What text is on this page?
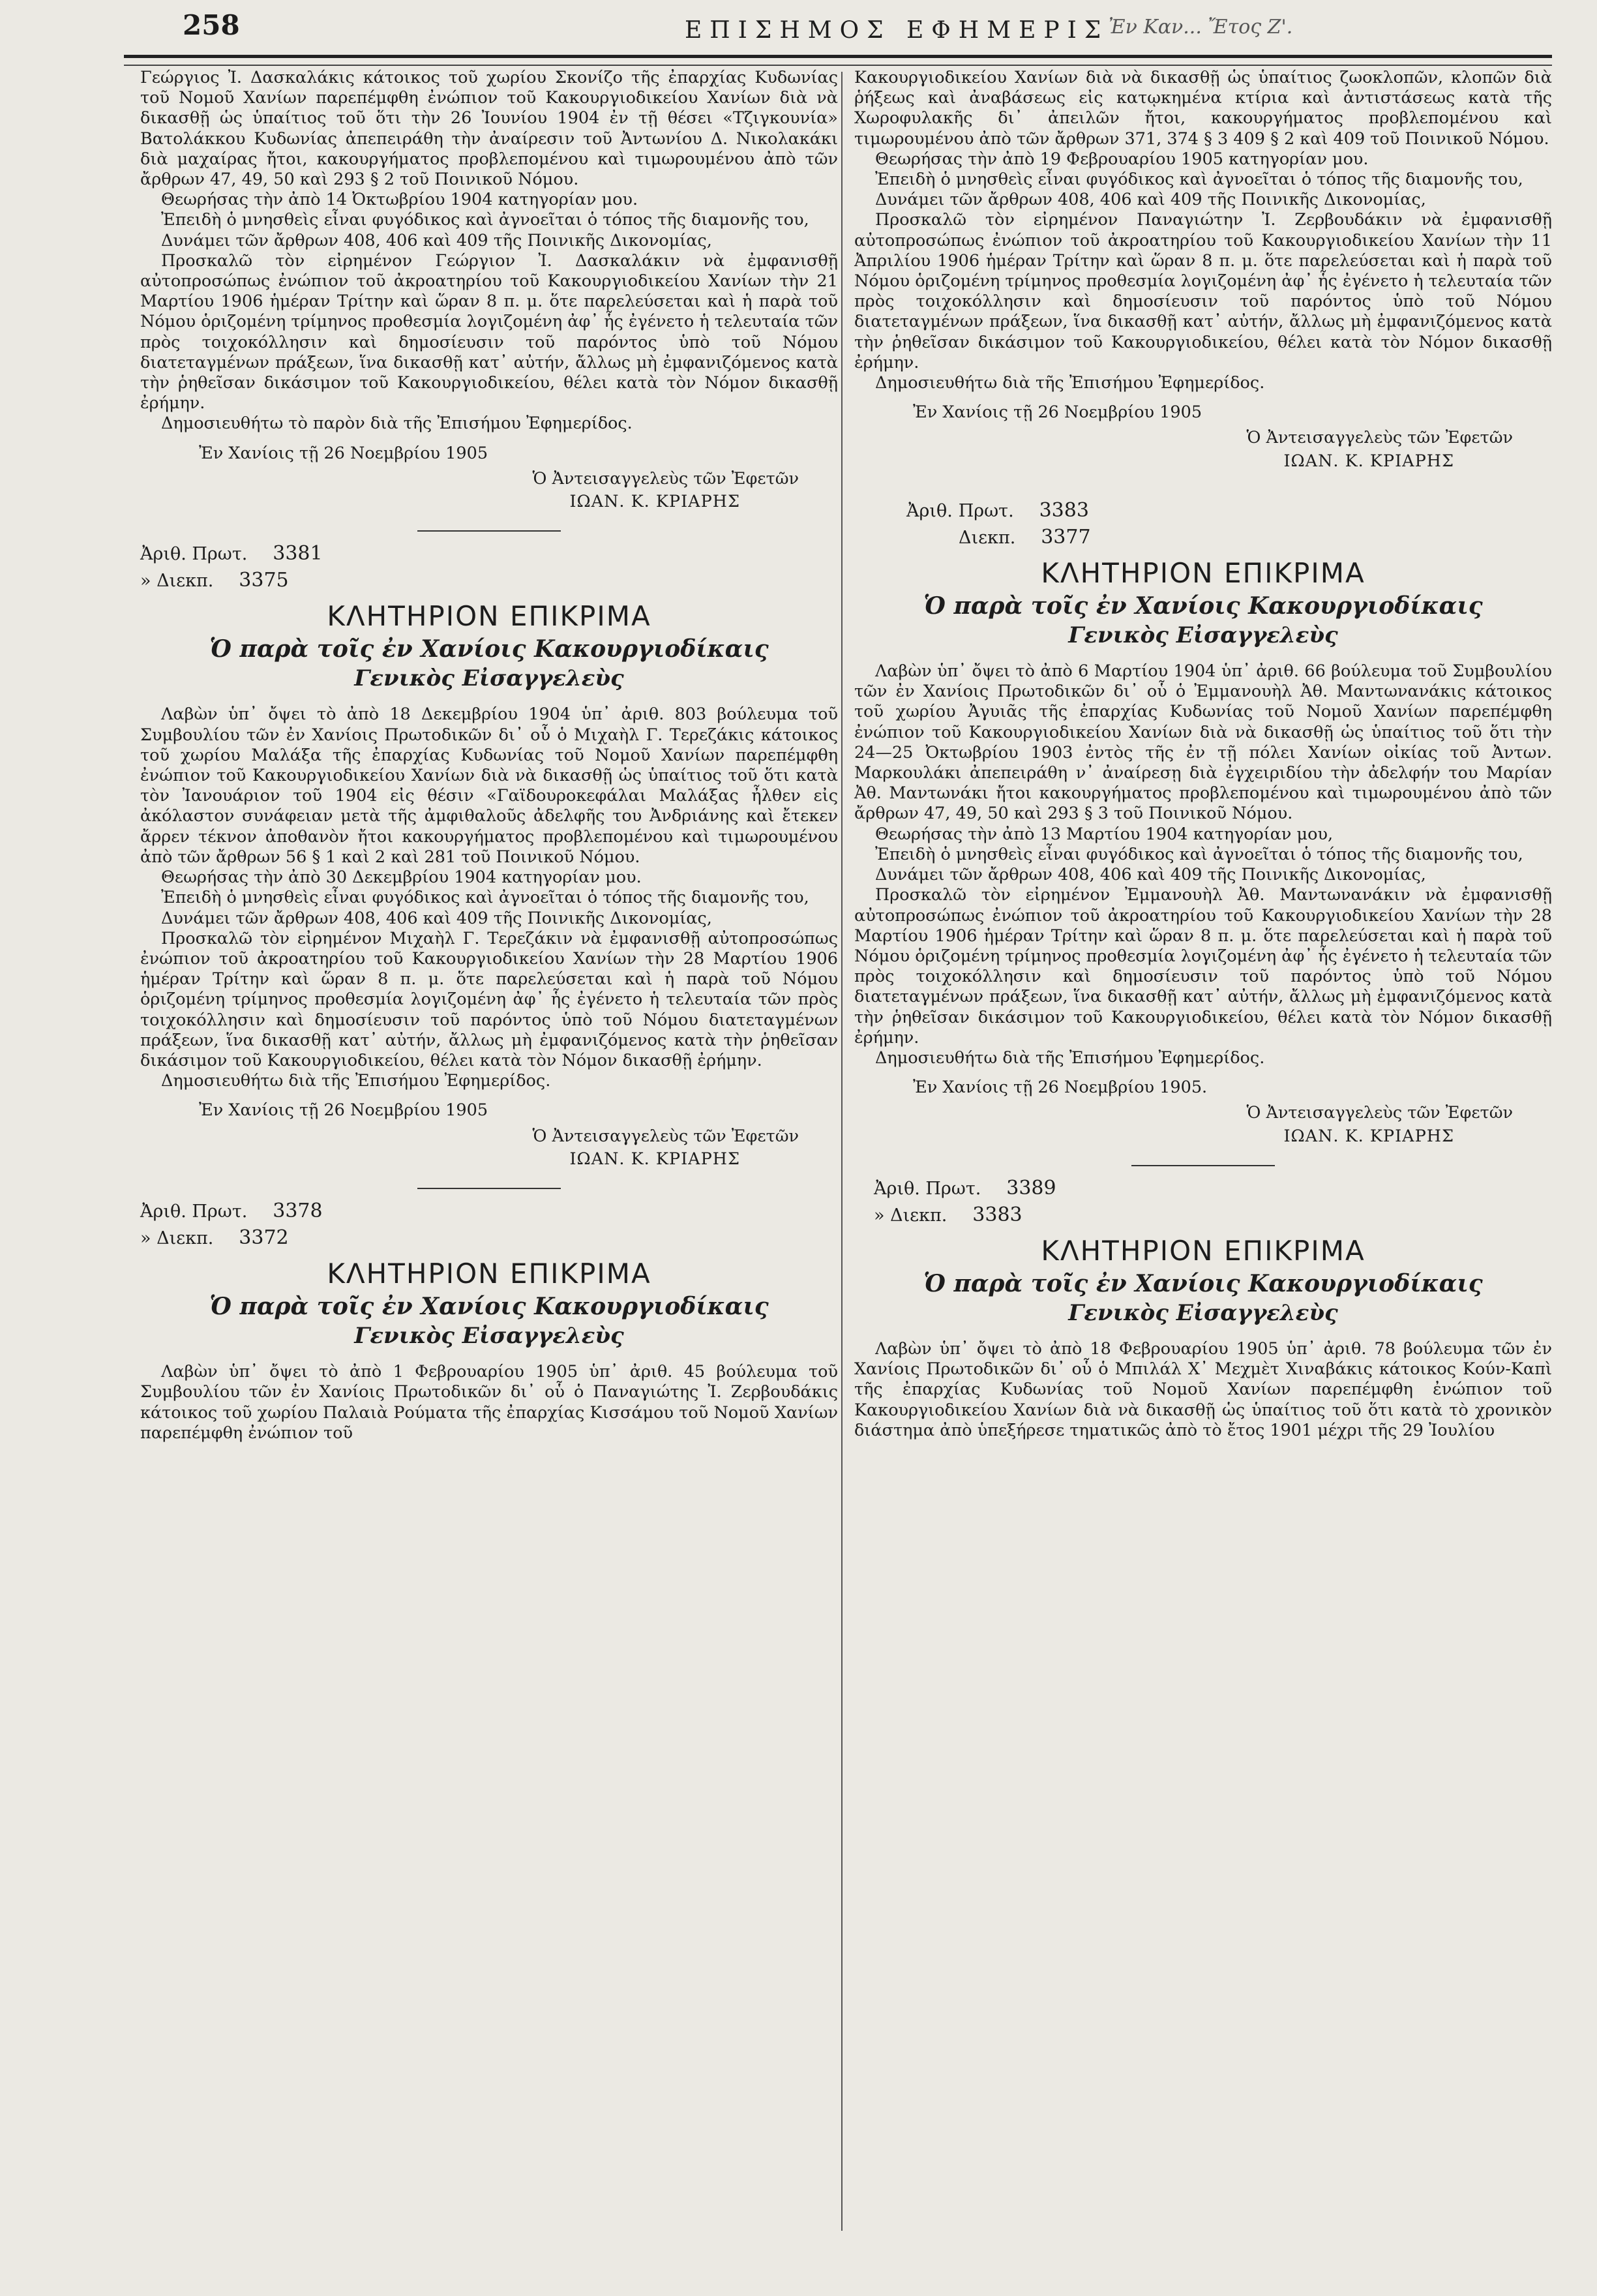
258	ΕΠΙΣΗΜΟΣ ΕΦΗΜΕΡΙΣ Ἐν Καν... Ἔτος Ζ'.

Γεώργιος Ἰ. Δασκαλάκις κάτοικος τοῦ χωρίου Σκονίζο τῆς ἐπαρχίας Κυδωνίας τοῦ Νομοῦ Χανίων παρεπέμφθη ἐνώπιον τοῦ Κακουργιοδικείου Χανίων διὰ νὰ δικασθῇ ὡς ὑπαίτιος τοῦ ὅτι τὴν 26 Ἰουνίου 1904 ἐν τῇ θέσει «Τζιγκουνία» Βατολάκκου Κυδωνίας ἀπεπειράθη τὴν ἀναίρεσιν τοῦ Ἀντωνίου Δ. Νικολακάκι διὰ μαχαίρας ἤτοι, κακουργήματος προβλεπομένου καὶ τιμωρουμένου ἀπὸ τῶν ἄρθρων 47, 49, 50 καὶ 293 § 2 τοῦ Ποινικοῦ Νόμου.

Θεωρήσας τὴν ἀπὸ 14 Ὀκτωβρίου 1904 κατηγορίαν μου.

Ἐπειδὴ ὁ μνησθεὶς εἶναι φυγόδικος καὶ ἀγνοεῖται ὁ τόπος τῆς διαμονῆς του,

Δυνάμει τῶν ἄρθρων 408, 406 καὶ 409 τῆς Ποινικῆς Δικονομίας,

Προσκαλῶ τὸν εἰρημένον Γεώργιον Ἰ. Δασκαλάκιν νὰ ἐμφανισθῇ αὐτοπροσώπως ἐνώπιον τοῦ ἀκροατηρίου τοῦ Κακουργιοδικείου Χανίων τὴν 21 Μαρτίου 1906 ἡμέραν Τρίτην καὶ ὥραν 8 π. μ. ὅτε παρελεύσεται καὶ ἡ παρὰ τοῦ Νόμου ὁριζομένη τρίμηνος προθεσμία λογιζομένη ἀφ᾽ ἧς ἐγένετο ἡ τελευταία τῶν πρὸς τοιχοκόλλησιν καὶ δημοσίευσιν τοῦ παρόντος ὑπὸ τοῦ Νόμου διατεταγμένων πράξεων, ἵνα δικασθῇ κατ᾽ αὐτήν, ἄλλως μὴ ἐμφανιζόμενος κατὰ τὴν ῥηθεῖσαν δικάσιμον τοῦ Κακουργιοδικείου, θέλει κατὰ τὸν Νόμον δικασθῇ ἐρήμην.

Δημοσιευθήτω τὸ παρὸν διὰ τῆς Ἐπισήμου Ἐφημερίδος.

Ἐν Χανίοις τῇ 26 Νοεμβρίου 1905

Ὁ Ἀντεισαγγελεὺς τῶν Ἐφετῶν

ΙΩΑΝ. Κ. ΚΡΙΑΡΗΣ

Ἀριθ. Πρωτ. 3381

» Διεκπ. 3375

ΚΛΗΤΗΡΙΟΝ ΕΠΙΚΡΙΜΑ

Ὁ παρὰ τοῖς ἐν Χανίοις Κακουργιοδίκαις

Γενικὸς Εἰσαγγελεὺς

Λαβὼν ὑπ᾽ ὄψει τὸ ἀπὸ 18 Δεκεμβρίου 1904 ὑπ᾽ ἀριθ. 803 βούλευμα τοῦ Συμβουλίου τῶν ἐν Χανίοις Πρωτοδικῶν δι᾽ οὗ ὁ Μιχαὴλ Γ. Τερεζάκις κάτοικος τοῦ χωρίου Μαλάξα τῆς ἐπαρχίας Κυδωνίας τοῦ Νομοῦ Χανίων παρεπέμφθη ἐνώπιον τοῦ Κακουργιοδικείου Χανίων διὰ νὰ δικασθῇ ὡς ὑπαίτιος τοῦ ὅτι κατὰ τὸν Ἰανουάριον τοῦ 1904 εἰς θέσιν «Γαϊδουροκεφάλαι Μαλάξας ἦλθεν εἰς ἀκόλαστον συνάφειαν μετὰ τῆς ἀμφιθαλοῦς ἀδελφῆς του Ἀνδριάνης καὶ ἔτεκεν ἄρρεν τέκνον ἀποθανὸν ἤτοι κακουργήματος προβλεπομένου καὶ τιμωρουμένου ἀπὸ τῶν ἄρθρων 56 § 1 καὶ 2 καὶ 281 τοῦ Ποινικοῦ Νόμου.

Θεωρήσας τὴν ἀπὸ 30 Δεκεμβρίου 1904 κατηγορίαν μου.

Ἐπειδὴ ὁ μνησθεὶς εἶναι φυγόδικος καὶ ἀγνοεῖται ὁ τόπος τῆς διαμονῆς του,

Δυνάμει τῶν ἄρθρων 408, 406 καὶ 409 τῆς Ποινικῆς Δικονομίας,

Προσκαλῶ τὸν εἰρημένον Μιχαὴλ Γ. Τερεζάκιν νὰ ἐμφανισθῇ αὐτοπροσώπως ἐνώπιον τοῦ ἀκροατηρίου τοῦ Κακουργιοδικείου Χανίων τὴν 28 Μαρτίου 1906 ἡμέραν Τρίτην καὶ ὥραν 8 π. μ. ὅτε παρελεύσεται καὶ ἡ παρὰ τοῦ Νόμου ὁριζομένη τρίμηνος προθεσμία λογιζομένη ἀφ᾽ ἧς ἐγένετο ἡ τελευταία τῶν πρὸς τοιχοκόλλησιν καὶ δημοσίευσιν τοῦ παρόντος ὑπὸ τοῦ Νόμου διατεταγμένων πράξεων, ἵνα δικασθῇ κατ᾽ αὐτήν, ἄλλως μὴ ἐμφανιζόμενος κατὰ τὴν ῥηθεῖσαν δικάσιμον τοῦ Κακουργιοδικείου, θέλει κατὰ τὸν Νόμον δικασθῇ ἐρήμην.

Δημοσιευθήτω διὰ τῆς Ἐπισήμου Ἐφημερίδος.

Ἐν Χανίοις τῇ 26 Νοεμβρίου 1905

Ὁ Ἀντεισαγγελεὺς τῶν Ἐφετῶν

ΙΩΑΝ. Κ. ΚΡΙΑΡΗΣ

Ἀριθ. Πρωτ. 3378

» Διεκπ. 3372

ΚΛΗΤΗΡΙΟΝ ΕΠΙΚΡΙΜΑ

Ὁ παρὰ τοῖς ἐν Χανίοις Κακουργιοδίκαις

Γενικὸς Εἰσαγγελεὺς

Λαβὼν ὑπ᾽ ὄψει τὸ ἀπὸ 1 Φεβρουαρίου 1905 ὑπ᾽ ἀριθ. 45 βούλευμα τοῦ Συμβουλίου τῶν ἐν Χανίοις Πρωτοδικῶν δι᾽ οὗ ὁ Παναγιώτης Ἰ. Ζερβουδάκις κάτοικος τοῦ χωρίου Παλαιὰ Ρούματα τῆς ἐπαρχίας Κισσάμου τοῦ Νομοῦ Χανίων παρεπέμφθη ἐνώπιον τοῦ

Κακουργιοδικείου Χανίων διὰ νὰ δικασθῇ ὡς ὑπαίτιος ζωοκλοπῶν, κλοπῶν διὰ ῥήξεως καὶ ἀναβάσεως εἰς κατῳκημένα κτίρια καὶ ἀντιστάσεως κατὰ τῆς Χωροφυλακῆς δι᾽ ἀπειλῶν ἤτοι, κακουργήματος προβλεπομένου καὶ τιμωρουμένου ἀπὸ τῶν ἄρθρων 371, 374 § 3 409 § 2 καὶ 409 τοῦ Ποινικοῦ Νόμου.

Θεωρήσας τὴν ἀπὸ 19 Φεβρουαρίου 1905 κατηγορίαν μου.

Ἐπειδὴ ὁ μνησθεὶς εἶναι φυγόδικος καὶ ἀγνοεῖται ὁ τόπος τῆς διαμονῆς του,

Δυνάμει τῶν ἄρθρων 408, 406 καὶ 409 τῆς Ποινικῆς Δικονομίας,

Προσκαλῶ τὸν εἰρημένον Παναγιώτην Ἰ. Ζερβουδάκιν νὰ ἐμφανισθῇ αὐτοπροσώπως ἐνώπιον τοῦ ἀκροατηρίου τοῦ Κακουργιοδικείου Χανίων τὴν 11 Ἀπριλίου 1906 ἡμέραν Τρίτην καὶ ὥραν 8 π. μ. ὅτε παρελεύσεται καὶ ἡ παρὰ τοῦ Νόμου ὁριζομένη τρίμηνος προθεσμία λογιζομένη ἀφ᾽ ἧς ἐγένετο ἡ τελευταία τῶν πρὸς τοιχοκόλλησιν καὶ δημοσίευσιν τοῦ παρόντος ὑπὸ τοῦ Νόμου διατεταγμένων πράξεων, ἵνα δικασθῇ κατ᾽ αὐτήν, ἄλλως μὴ ἐμφανιζόμενος κατὰ τὴν ῥηθεῖσαν δικάσιμον τοῦ Κακουργιοδικείου, θέλει κατὰ τὸν Νόμον δικασθῇ ἐρήμην.

Δημοσιευθήτω διὰ τῆς Ἐπισήμου Ἐφημερίδος.

Ἐν Χανίοις τῇ 26 Νοεμβρίου 1905

Ὁ Ἀντεισαγγελεὺς τῶν Ἐφετῶν

ΙΩΑΝ. Κ. ΚΡΙΑΡΗΣ

Ἀριθ. Πρωτ. 3383

Διεκπ. 3377

ΚΛΗΤΗΡΙΟΝ ΕΠΙΚΡΙΜΑ

Ὁ παρὰ τοῖς ἐν Χανίοις Κακουργιοδίκαις

Γενικὸς Εἰσαγγελεὺς

Λαβὼν ὑπ᾽ ὄψει τὸ ἀπὸ 6 Μαρτίου 1904 ὑπ᾽ ἀριθ. 66 βούλευμα τοῦ Συμβουλίου τῶν ἐν Χανίοις Πρωτοδικῶν δι᾽ οὗ ὁ Ἐμμανουὴλ Ἀθ. Μαντωνανάκις κάτοικος τοῦ χωρίου Ἀγυιᾶς τῆς ἐπαρχίας Κυδωνίας τοῦ Νομοῦ Χανίων παρεπέμφθη ἐνώπιον τοῦ Κακουργιοδικείου Χανίων διὰ νὰ δικασθῇ ὡς ὑπαίτιος τοῦ ὅτι τὴν 24—25 Ὀκτωβρίου 1903 ἐντὸς τῆς ἐν τῇ πόλει Χανίων οἰκίας τοῦ Ἀντων. Μαρκουλάκι ἀπεπειράθη ν᾽ ἀναίρεσῃ διὰ ἐγχειριδίου τὴν ἀδελφήν του Μαρίαν Ἀθ. Μαντωνάκι ἤτοι κακουργήματος προβλεπομένου καὶ τιμωρουμένου ἀπὸ τῶν ἄρθρων 47, 49, 50 καὶ 293 § 3 τοῦ Ποινικοῦ Νόμου.

Θεωρήσας τὴν ἀπὸ 13 Μαρτίου 1904 κατηγορίαν μου,

Ἐπειδὴ ὁ μνησθεὶς εἶναι φυγόδικος καὶ ἀγνοεῖται ὁ τόπος τῆς διαμονῆς του,

Δυνάμει τῶν ἄρθρων 408, 406 καὶ 409 τῆς Ποινικῆς Δικονομίας,

Προσκαλῶ τὸν εἰρημένον Ἐμμανουὴλ Ἀθ. Μαντωνανάκιν νὰ ἐμφανισθῇ αὐτοπροσώπως ἐνώπιον τοῦ ἀκροατηρίου τοῦ Κακουργιοδικείου Χανίων τὴν 28 Μαρτίου 1906 ἡμέραν Τρίτην καὶ ὥραν 8 π. μ. ὅτε παρελεύσεται καὶ ἡ παρὰ τοῦ Νόμου ὁριζομένη τρίμηνος προθεσμία λογιζομένη ἀφ᾽ ἧς ἐγένετο ἡ τελευταία τῶν πρὸς τοιχοκόλλησιν καὶ δημοσίευσιν τοῦ παρόντος ὑπὸ τοῦ Νόμου διατεταγμένων πράξεων, ἵνα δικασθῇ κατ᾽ αὐτήν, ἄλλως μὴ ἐμφανιζόμενος κατὰ τὴν ῥηθεῖσαν δικάσιμον τοῦ Κακουργιοδικείου, θέλει κατὰ τὸν Νόμον δικασθῇ ἐρήμην.

Δημοσιευθήτω διὰ τῆς Ἐπισήμου Ἐφημερίδος.

Ἐν Χανίοις τῇ 26 Νοεμβρίου 1905.

Ὁ Ἀντεισαγγελεὺς τῶν Ἐφετῶν

ΙΩΑΝ. Κ. ΚΡΙΑΡΗΣ

Ἀριθ. Πρωτ. 3389

» Διεκπ. 3383

ΚΛΗΤΗΡΙΟΝ ΕΠΙΚΡΙΜΑ

Ὁ παρὰ τοῖς ἐν Χανίοις Κακουργιοδίκαις

Γενικὸς Εἰσαγγελεὺς

Λαβὼν ὑπ᾽ ὄψει τὸ ἀπὸ 18 Φεβρουαρίου 1905 ὑπ᾽ ἀριθ. 78 βούλευμα τῶν ἐν Χανίοις Πρωτοδικῶν δι᾽ οὗ ὁ Μπιλάλ Χ᾽ Μεχμὲτ Χιναβάκις κάτοικος Κούν-Καπὶ τῆς ἐπαρχίας Κυδωνίας τοῦ Νομοῦ Χανίων παρεπέμφθη ἐνώπιον τοῦ Κακουργιοδικείου Χανίων διὰ νὰ δικασθῇ ὡς ὑπαίτιος τοῦ ὅτι κατὰ τὸ χρονικὸν διάστημα ἀπὸ ὑπεξήρεσε τηματικῶς ἀπὸ τὸ ἔτος 1901 μέχρι τῆς 29 Ἰουλίου
